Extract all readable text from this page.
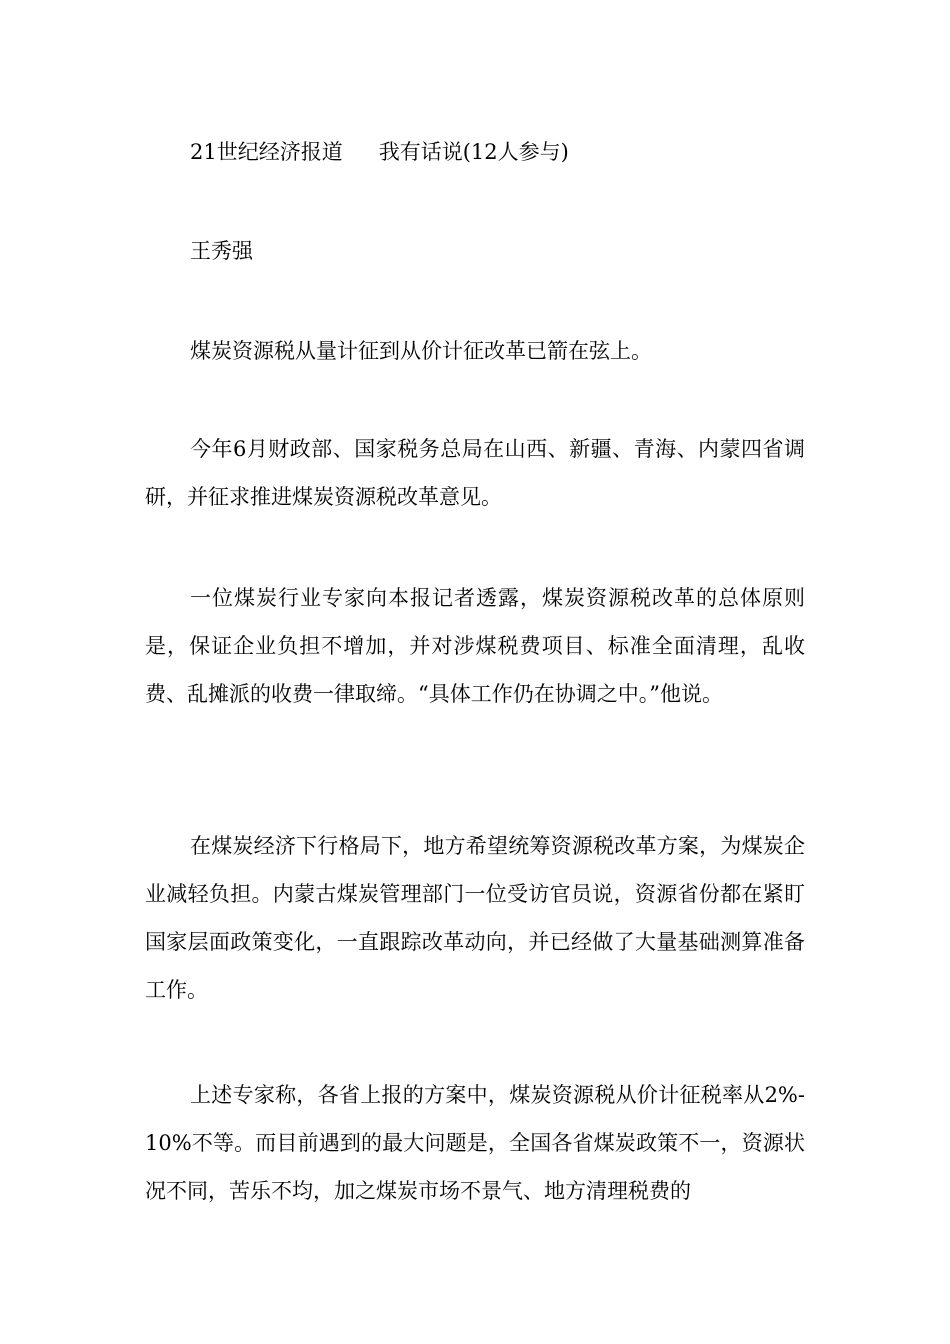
21世纪经济报道 我有话说(12人参与)

王秀强

煤炭资源税从量计征到从价计征改革已箭在弦上。

今年6月财政部、国家税务总局在山西、新疆、青海、内蒙四省调研，并征求推进煤炭资源税改革意见。

一位煤炭行业专家向本报记者透露，煤炭资源税改革的总体原则是，保证企业负担不增加，并对涉煤税费项目、标准全面清理，乱收费、乱摊派的收费一律取缔。“具体工作仍在协调之中。”他说。

在煤炭经济下行格局下，地方希望统筹资源税改革方案，为煤炭企业减轻负担。内蒙古煤炭管理部门一位受访官员说，资源省份都在紧盯国家层面政策变化，一直跟踪改革动向，并已经做了大量基础测算准备工作。

上述专家称，各省上报的方案中，煤炭资源税从价计征税率从2%-10%不等。而目前遇到的最大问题是，全国各省煤炭政策不一，资源状况不同，苦乐不均，加之煤炭市场不景气、地方清理税费的
